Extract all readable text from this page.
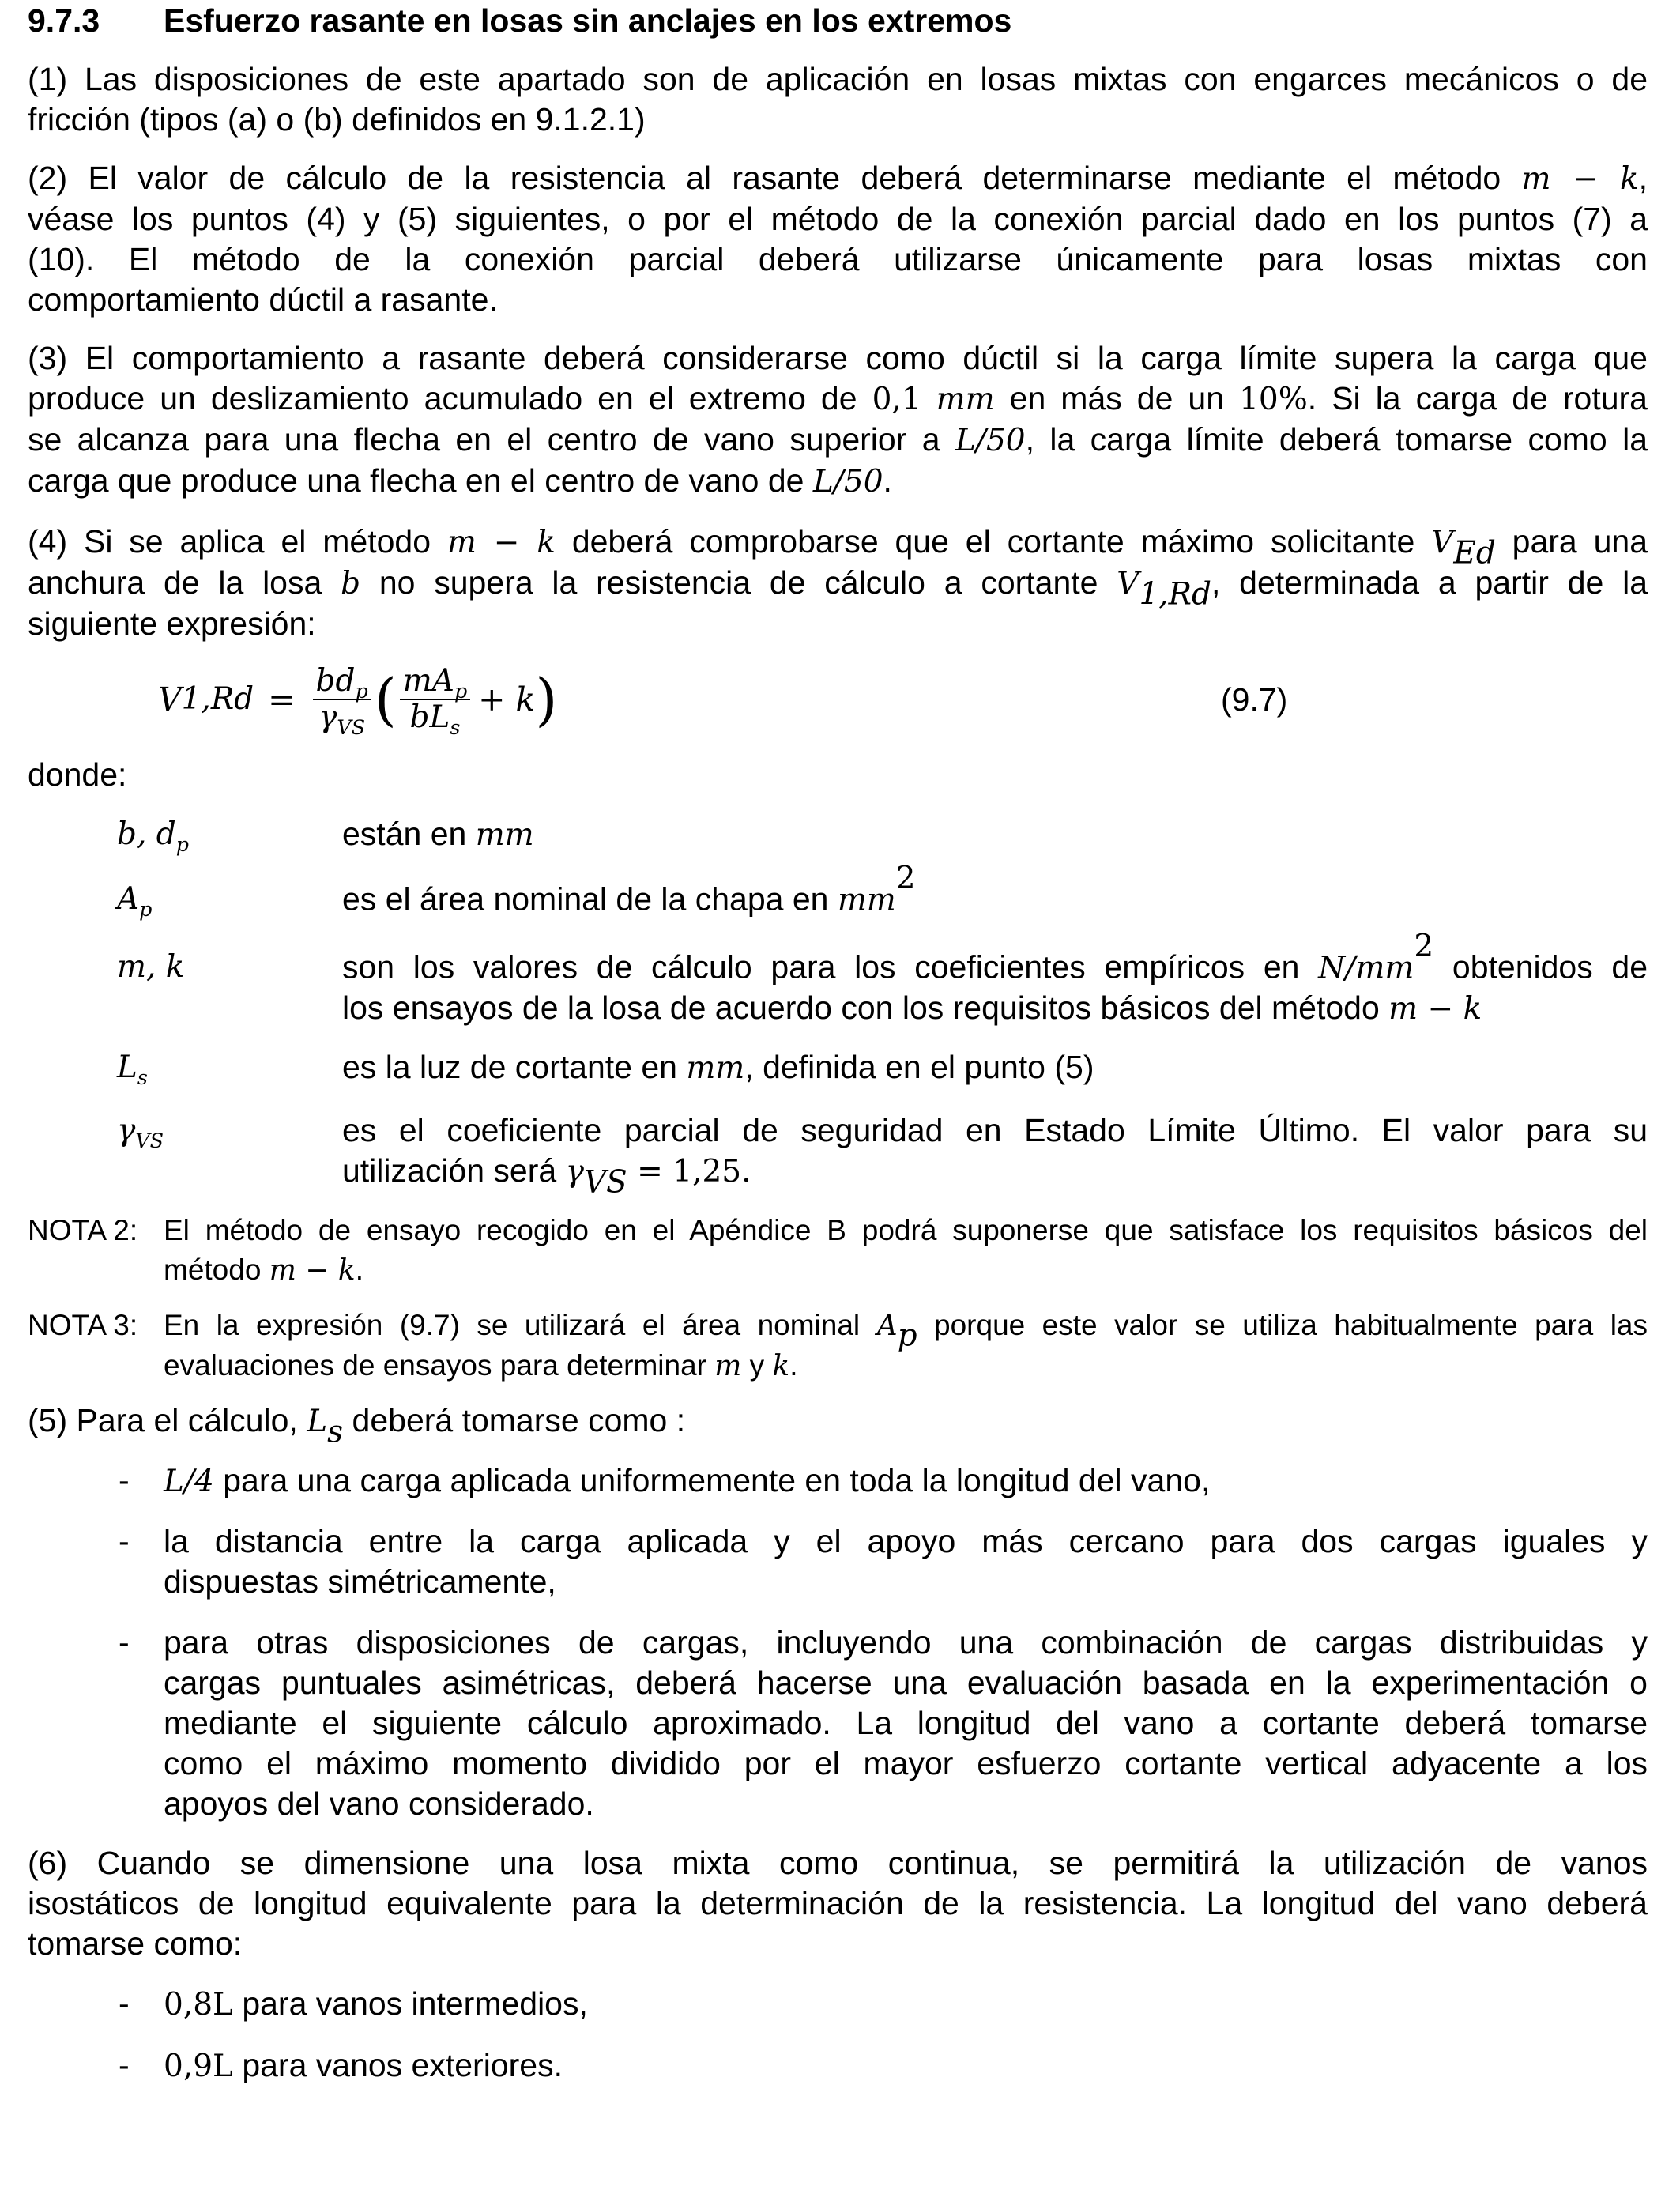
9.7.3 Esfuerzo rasante en losas sin anclajes en los extremos
(1) Las disposiciones de este apartado son de aplicación en losas mixtas con engarces mecánicos o de
fricción (tipos (a) o (b) definidos en 9.1.2.1)
(2) El valor de cálculo de la resistencia al rasante deberá determinarse mediante el método m − k,
véase los puntos (4) y (5) siguientes, o por el método de la conexión parcial dado en los puntos (7) a
(10). El método de la conexión parcial deberá utilizarse únicamente para losas mixtas con
comportamiento dúctil a rasante.
(3) El comportamiento a rasante deberá considerarse como dúctil si la carga límite supera la carga que
produce un deslizamiento acumulado en el extremo de 0,1 mm en más de un 10%. Si la carga de rotura
se alcanza para una flecha en el centro de vano superior a L/50, la carga límite deberá tomarse como la
carga que produce una flecha en el centro de vano de L/50.
(4) Si se aplica el método m − k deberá comprobarse que el cortante máximo solicitante $V_{Ed}$ para una
anchura de la losa b no supera la resistencia de cálculo a cortante $V_{1,Rd}$, determinada a partir de la
siguiente expresión:
V $1,Rd = \frac{bd_p}{\gamma_{VS}}$ ( $\frac{mA_p}{bL_s} + k$ )	(9.7)
donde:
b, $d_p$	están en mm
$A_p$	es el área nominal de la chapa en $mm^2$
m, k	son los valores de cálculo para los coeficientes empíricos en $N/mm^2$ obtenidos de
los ensayos de la losa de acuerdo con los requisitos básicos del método m − k
$L_s$	es la luz de cortante en mm, definida en el punto (5)
$\gamma_{VS}$	es el coeficiente parcial de seguridad en Estado Límite Último. El valor para su
utilización será $\gamma_{VS} = 1,25$.
NOTA 2: El método de ensayo recogido en el Apéndice B podrá suponerse que satisface los requisitos básicos del
método m − k.
NOTA 3: En la expresión (9.7) se utilizará el área nominal $A_p$ porque este valor se utiliza habitualmente para las
evaluaciones de ensayos para determinar m y k.
(5) Para el cálculo, $L_s$ deberá tomarse como :
- L/4 para una carga aplicada uniformemente en toda la longitud del vano,
- la distancia entre la carga aplicada y el apoyo más cercano para dos cargas iguales y
dispuestas simétricamente,
- para otras disposiciones de cargas, incluyendo una combinación de cargas distribuidas y
cargas puntuales asimétricas, deberá hacerse una evaluación basada en la experimentación o
mediante el siguiente cálculo aproximado. La longitud del vano a cortante deberá tomarse
como el máximo momento dividido por el mayor esfuerzo cortante vertical adyacente a los
apoyos del vano considerado.
(6) Cuando se dimensione una losa mixta como continua, se permitirá la utilización de vanos
isostáticos de longitud equivalente para la determinación de la resistencia. La longitud del vano deberá
tomarse como:
- 0,8L para vanos intermedios,
- 0,9L para vanos exteriores.
